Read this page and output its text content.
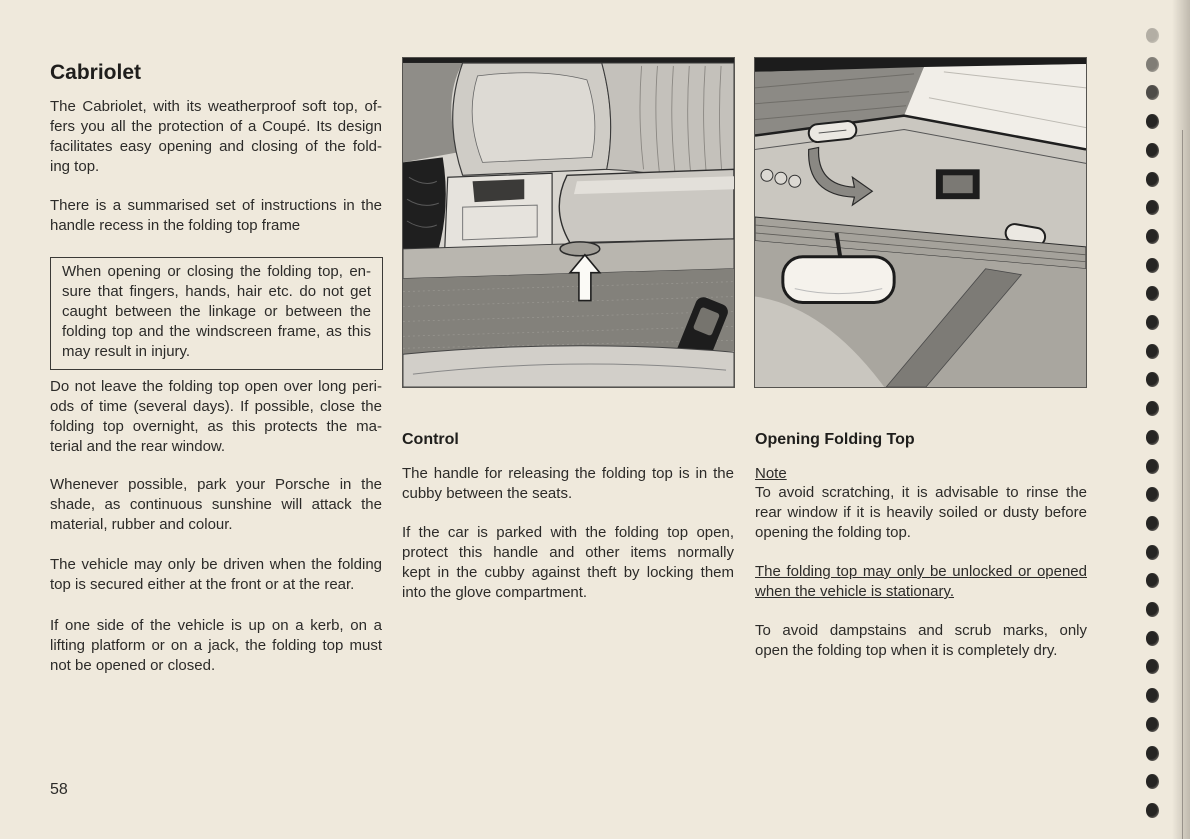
Cabriolet
The Cabriolet, with its weatherproof soft top, of-
fers you all the protection of a Coupé. Its design
facilitates easy opening and closing of the fold-
ing top.
There is a summarised set of instructions in the
handle recess in the folding top frame
When opening or closing the folding top, en-
sure that fingers, hands, hair etc. do not get
caught between the linkage or between the
folding top and the windscreen frame, as this
may result in injury.
Do not leave the folding top open over long peri-
ods of time (several days). If possible, close the
folding top overnight, as this protects the ma-
terial and the rear window.
Whenever possible, park your Porsche in the
shade, as continuous sunshine will attack the
material, rubber and colour.
The vehicle may only be driven when the folding
top is secured either at the front or at the rear.
If one side of the vehicle is up on a kerb, on a
lifting platform or on a jack, the folding top must
not be opened or closed.
58
Control
The handle for releasing the folding top is in the
cubby between the seats.
If the car is parked with the folding top open,
protect this handle and other items normally
kept in the cubby against theft by locking them
into the glove compartment.
Opening Folding Top
Note
To avoid scratching, it is advisable to rinse the
rear window if it is heavily soiled or dusty before
opening the folding top.
The folding top may only be unlocked or opened
when the vehicle is stationary.
To avoid dampstains and scrub marks, only
open the folding top when it is completely dry.
